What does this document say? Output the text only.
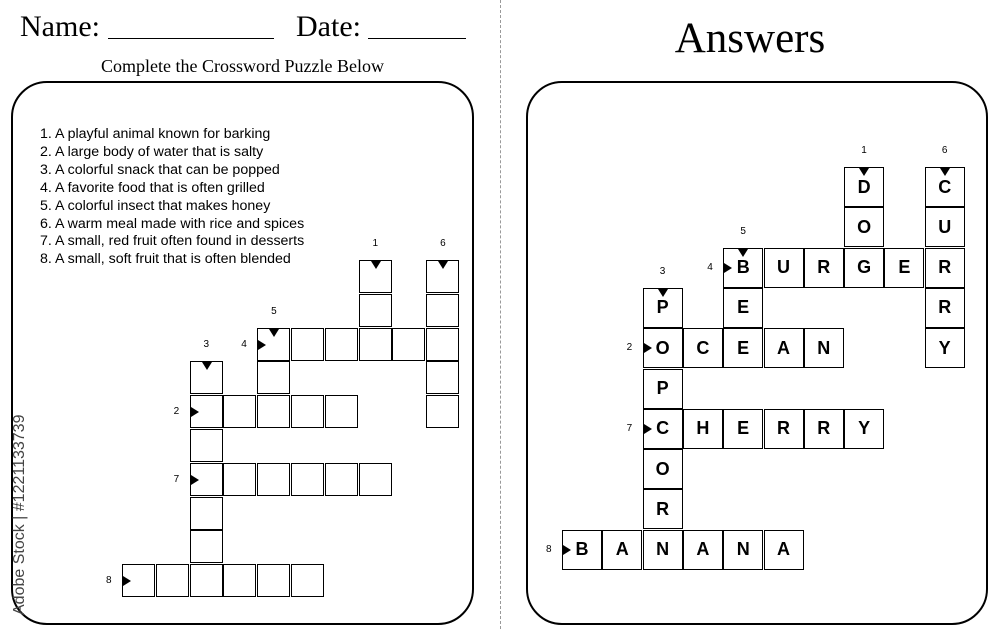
Name:	Date:
Complete the Crossword Puzzle Below
1. A playful animal known for barking
2. A large body of water that is salty
3. A colorful snack that can be popped
4. A favorite food that is often grilled
5. A colorful insect that makes honey
6. A warm meal made with rice and spices
7. A small, red fruit often found in desserts
8. A small, soft fruit that is often blended
1
2
3	4
5
6
7
8
Adobe Stock | #1221133739
Answers
D
O
G
O	C	E	A	N
P
P
C
O
R
N
B	U	R	E	R
E
C
U
R
Y
H	E	R	R	Y
B	A	A	N	A
1
2
3	4
5
6
7
8
